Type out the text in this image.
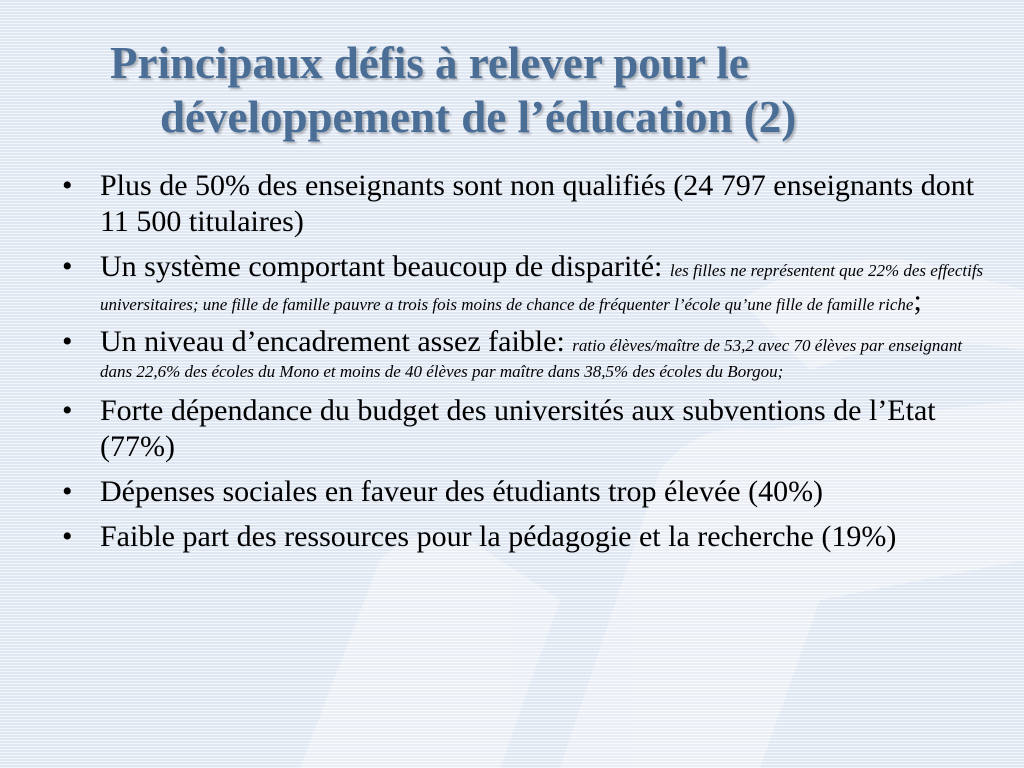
Principaux défis à relever pour le
développement de l’éducation (2)
• Plus de 50% des enseignants sont non qualifiés (24 797 enseignants dont 11 500 titulaires)
• Un système comportant beaucoup de disparité: les filles ne représentent que 22% des effectifs universitaires; une fille de famille pauvre a trois fois moins de chance de fréquenter l’école qu’une fille de famille riche;
• Un niveau d’encadrement assez faible: ratio élèves/maître de 53,2 avec 70 élèves par enseignant dans 22,6% des écoles du Mono et moins de 40 élèves par maître dans 38,5% des écoles du Borgou;
• Forte dépendance du budget des universités aux subventions de l’Etat (77%)
• Dépenses sociales en faveur des étudiants trop élevée (40%)
• Faible part des ressources pour la pédagogie et la recherche (19%)
